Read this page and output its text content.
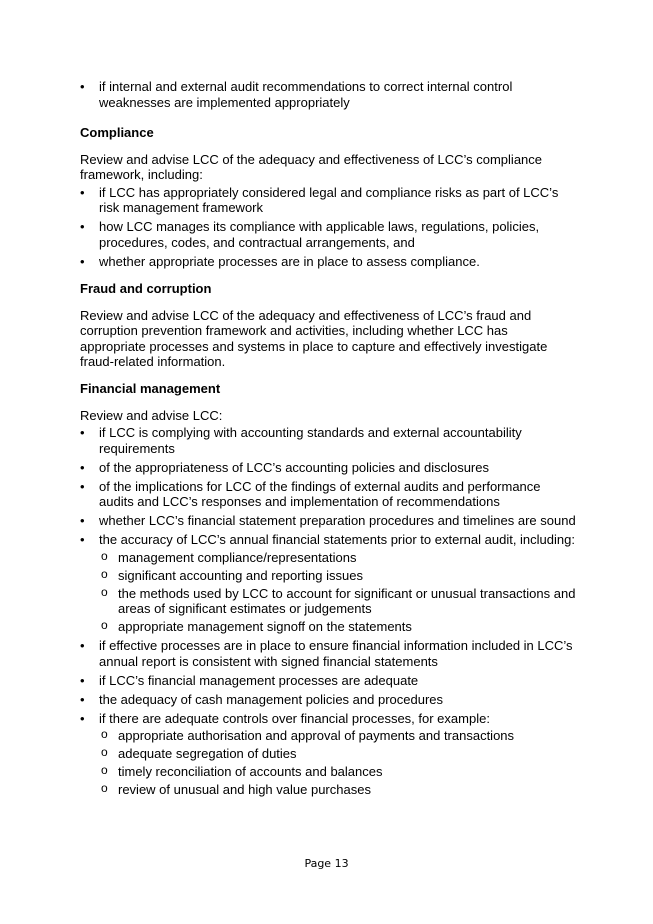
• if internal and external audit recommendations to correct internal control weaknesses are implemented appropriately
Compliance

Review and advise LCC of the adequacy and effectiveness of LCC’s compliance framework, including:

• if LCC has appropriately considered legal and compliance risks as part of LCC’s risk management framework
• how LCC manages its compliance with applicable laws, regulations, policies, procedures, codes, and contractual arrangements, and
• whether appropriate processes are in place to assess compliance.
Fraud and corruption

Review and advise LCC of the adequacy and effectiveness of LCC’s fraud and corruption prevention framework and activities, including whether LCC has appropriate processes and systems in place to capture and effectively investigate fraud-related information.

Financial management

Review and advise LCC:

• if LCC is complying with accounting standards and external accountability requirements
• of the appropriateness of LCC’s accounting policies and disclosures
• of the implications for LCC of the findings of external audits and performance audits and LCC’s responses and implementation of recommendations
• whether LCC’s financial statement preparation procedures and timelines are sound
• the accuracy of LCC’s annual financial statements prior to external audit, including:
o management compliance/representations
o significant accounting and reporting issues
o the methods used by LCC to account for significant or unusual transactions and areas of significant estimates or judgements
o appropriate management signoff on the statements
• if effective processes are in place to ensure financial information included in LCC’s annual report is consistent with signed financial statements
• if LCC’s financial management processes are adequate
• the adequacy of cash management policies and procedures
• if there are adequate controls over financial processes, for example:
o appropriate authorisation and approval of payments and transactions
o adequate segregation of duties
o timely reconciliation of accounts and balances
o review of unusual and high value purchases
Page 13
